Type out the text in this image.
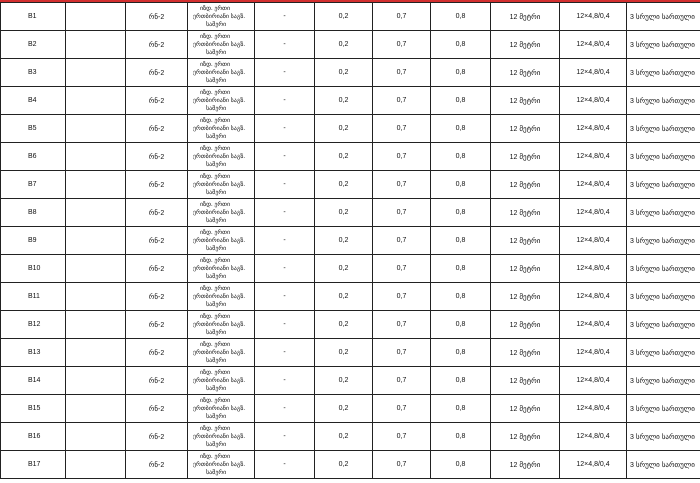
B1		რნ-2	იზდ. ერთი
ერთბირიანი საგზ.
სამერი	-	0,2	0,7	0,8	12 მეტრი	12×4,8/0,4	3 სრული სართული
B2		რნ-2	იზდ. ერთი
ერთბირიანი საგზ.
სამერი	-	0,2	0,7	0,8	12 მეტრი	12×4,8/0,4	3 სრული სართული
B3		რნ-2	იზდ. ერთი
ერთბირიანი საგზ.
სამერი	-	0,2	0,7	0,8	12 მეტრი	12×4,8/0,4	3 სრული სართული
B4		რნ-2	იზდ. ერთი
ერთბირიანი საგზ.
სამერი	-	0,2	0,7	0,8	12 მეტრი	12×4,8/0,4	3 სრული სართული
B5		რნ-2	იზდ. ერთი
ერთბირიანი საგზ.
სამერი	-	0,2	0,7	0,8	12 მეტრი	12×4,8/0,4	3 სრული სართული
B6		რნ-2	იზდ. ერთი
ერთბირიანი საგზ.
სამერი	-	0,2	0,7	0,8	12 მეტრი	12×4,8/0,4	3 სრული სართული
B7		რნ-2	იზდ. ერთი
ერთბირიანი საგზ.
სამერი	-	0,2	0,7	0,8	12 მეტრი	12×4,8/0,4	3 სრული სართული
B8		რნ-2	იზდ. ერთი
ერთბირიანი საგზ.
სამერი	-	0,2	0,7	0,8	12 მეტრი	12×4,8/0,4	3 სრული სართული
B9		რნ-2	იზდ. ერთი
ერთბირიანი საგზ.
სამერი	-	0,2	0,7	0,8	12 მეტრი	12×4,8/0,4	3 სრული სართული
B10		რნ-2	იზდ. ერთი
ერთბირიანი საგზ.
სამერი	-	0,2	0,7	0,8	12 მეტრი	12×4,8/0,4	3 სრული სართული
B11		რნ-2	იზდ. ერთი
ერთბირიანი საგზ.
სამერი	-	0,2	0,7	0,8	12 მეტრი	12×4,8/0,4	3 სრული სართული
B12		რნ-2	იზდ. ერთი
ერთბირიანი საგზ.
სამერი	-	0,2	0,7	0,8	12 მეტრი	12×4,8/0,4	3 სრული სართული
B13		რნ-2	იზდ. ერთი
ერთბირიანი საგზ.
სამერი	-	0,2	0,7	0,8	12 მეტრი	12×4,8/0,4	3 სრული სართული
B14		რნ-2	იზდ. ერთი
ერთბირიანი საგზ.
სამერი	-	0,2	0,7	0,8	12 მეტრი	12×4,8/0,4	3 სრული სართული
B15		რნ-2	იზდ. ერთი
ერთბირიანი საგზ.
სამერი	-	0,2	0,7	0,8	12 მეტრი	12×4,8/0,4	3 სრული სართული
B16		რნ-2	იზდ. ერთი
ერთბირიანი საგზ.
სამერი	-	0,2	0,7	0,8	12 მეტრი	12×4,8/0,4	3 სრული სართული
B17		რნ-2	იზდ. ერთი
ერთბირიანი საგზ.
სამერი	-	0,2	0,7	0,8	12 მეტრი	12×4,8/0,4	3 სრული სართული
